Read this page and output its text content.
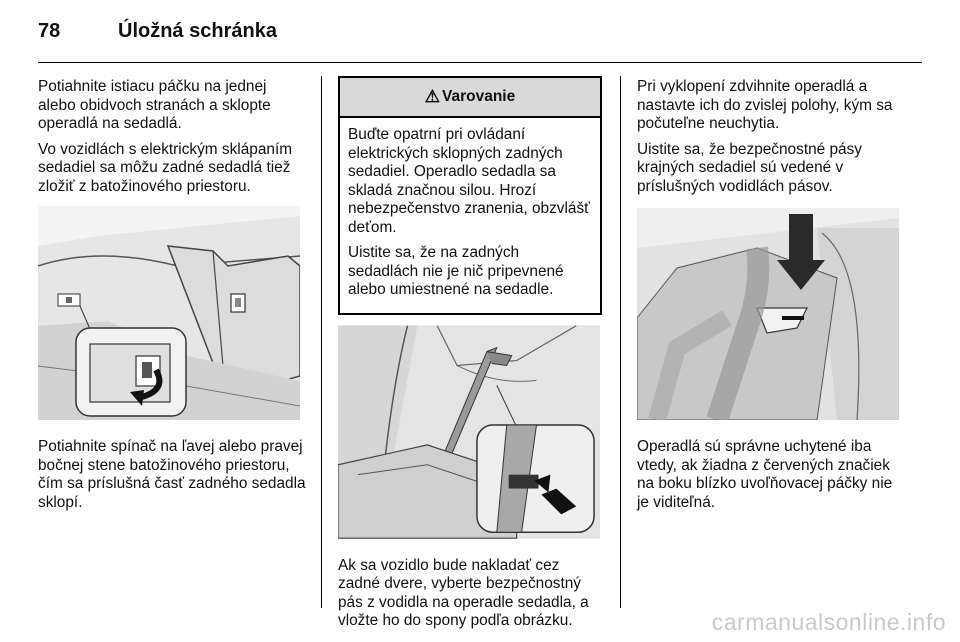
78	Úložná schránka

Potiahnite istiacu páčku na jednej alebo obidvoch stranách a sklopte operadlá na sedadlá.

Vo vozidlách s elektrickým sklápaním sedadiel sa môžu zadné sedadlá tiež zložiť z batožinového priestoru.

Potiahnite spínač na ľavej alebo pravej bočnej stene batožinového priestoru, čím sa príslušná časť zadného sedadla sklopí.

⚠ Varovanie

Buďte opatrní pri ovládaní elektrických sklopných zadných sedadiel. Operadlo sedadla sa skladá značnou silou. Hrozí nebezpečenstvo zranenia, obzvlášť deťom.

Uistite sa, že na zadných sedadlách nie je nič pripevnené alebo umiestnené na sedadle.

Ak sa vozidlo bude nakladať cez zadné dvere, vyberte bezpečnostný pás z vodidla na operadle sedadla, a vložte ho do spony podľa obrázku.

Pri vyklopení zdvihnite operadlá a nastavte ich do zvislej polohy, kým sa počuteľne neuchytia.

Uistite sa, že bezpečnostné pásy krajných sedadiel sú vedené v príslušných vodidlách pásov.

Operadlá sú správne uchytené iba vtedy, ak žiadna z červených značiek na boku blízko uvoľňovacej páčky nie je viditeľná.

carmanualsonline.info
